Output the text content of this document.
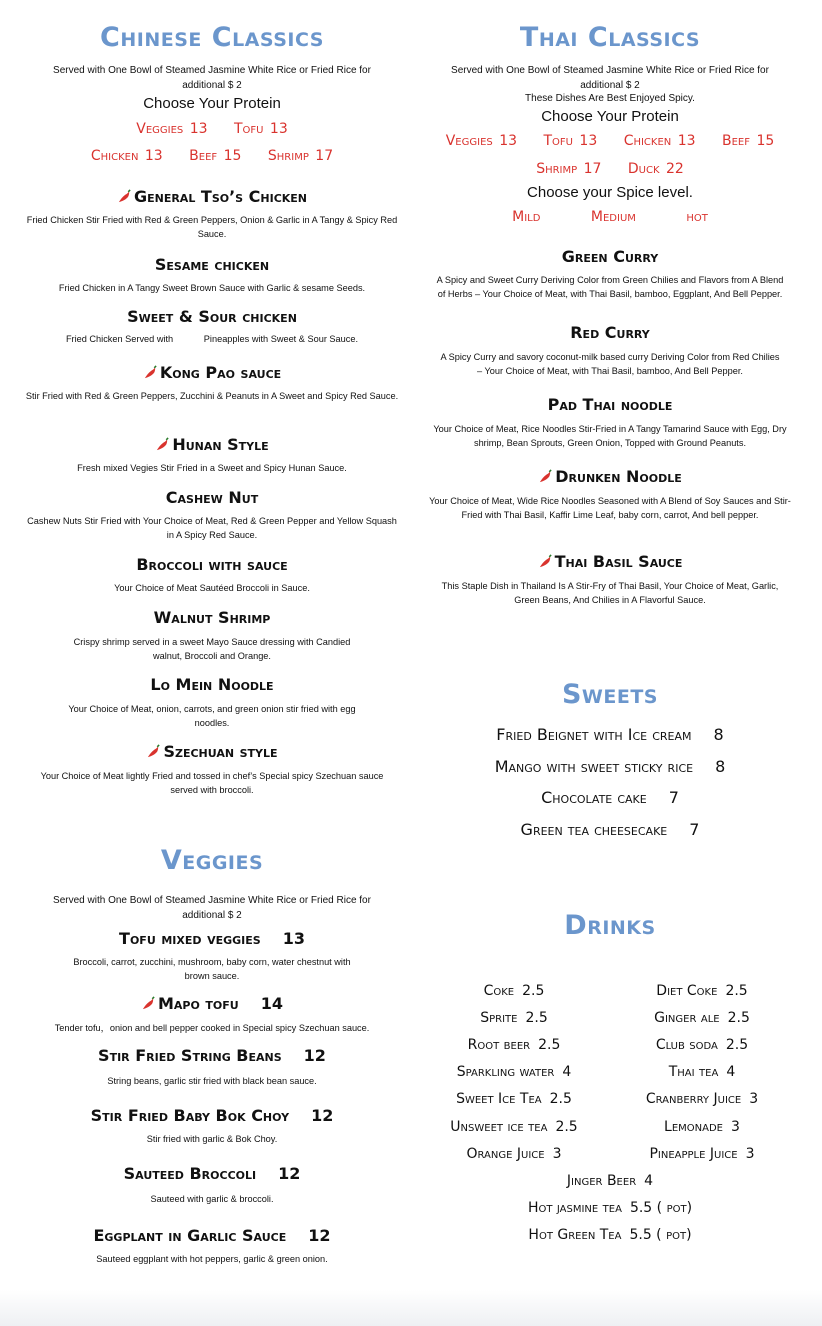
Chinese Classics
Served with One Bowl of Steamed Jasmine White Rice or Fried Rice for additional $ 2
Choose Your Protein
Veggies 13 Tofu 13
Chicken 13 Beef 15 Shrimp 17
General Tso’s Chicken
Fried Chicken Stir Fried with Red & Green Peppers, Onion & Garlic in A Tangy & Spicy Red Sauce.
Sesame chicken
Fried Chicken in A Tangy Sweet Brown Sauce with Garlic & sesame Seeds.
Sweet & Sour chicken
Fried Chicken Served with            Pineapples with Sweet & Sour Sauce.
Kong Pao sauce
Stir Fried with Red & Green Peppers, Zucchini & Peanuts in A Sweet and Spicy Red Sauce.
Hunan Style
Fresh mixed Vegies Stir Fried in a Sweet and Spicy Hunan Sauce.
Cashew Nut
Cashew Nuts Stir Fried with Your Choice of Meat, Red & Green Pepper and Yellow Squash in A Spicy Red Sauce.
Broccoli with sauce
Your Choice of Meat Sautéed Broccoli in Sauce.
Walnut Shrimp
Crispy shrimp served in a sweet Mayo Sauce dressing with Candied walnut, Broccoli and Orange.
Lo Mein Noodle
Your Choice of Meat, onion, carrots, and green onion stir fried with egg noodles.
Szechuan style
Your Choice of Meat lightly Fried and tossed in chef’s Special spicy Szechuan sauce served with broccoli.
Veggies
Served with One Bowl of Steamed Jasmine White Rice or Fried Rice for additional $ 2
Tofu mixed veggies 13
Broccoli, carrot, zucchini, mushroom, baby corn, water chestnut with brown sauce.
Mapo tofu 14
Tender tofu，onion and bell pepper cooked in Special spicy Szechuan sauce.
Stir Fried String Beans 12
String beans, garlic stir fried with black bean sauce.
Stir Fried Baby Bok Choy 12
Stir fried with garlic & Bok Choy.
Sauteed Broccoli 12
Sauteed with garlic & broccoli.
Eggplant in Garlic Sauce 12
Sauteed eggplant with hot peppers, garlic & green onion.
Thai Classics
Served with One Bowl of Steamed Jasmine White Rice or Fried Rice for additional $ 2
These Dishes Are Best Enjoyed Spicy.
Choose Your Protein
Veggies 13 Tofu 13 Chicken 13 Beef 15
Shrimp 17 Duck 22
Choose your Spice level.
Mild	Medium	hot
Green Curry
A Spicy and Sweet Curry Deriving Color from Green Chilies and Flavors from A Blend of Herbs – Your Choice of Meat, with Thai Basil, bamboo, Eggplant, And Bell Pepper.
Red Curry
A Spicy Curry and savory coconut-milk based curry Deriving Color from Red Chilies – Your Choice of Meat, with Thai Basil, bamboo, And Bell Pepper.
Pad Thai noodle
Your Choice of Meat, Rice Noodles Stir-Fried in A Tangy Tamarind Sauce with Egg, Dry shrimp, Bean Sprouts, Green Onion, Topped with Ground Peanuts.
Drunken Noodle
Your Choice of Meat, Wide Rice Noodles Seasoned with A Blend of Soy Sauces and Stir-Fried with Thai Basil, Kaffir Lime Leaf, baby corn, carrot, And bell pepper.
Thai Basil Sauce
This Staple Dish in Thailand Is A Stir-Fry of Thai Basil, Your Choice of Meat, Garlic, Green Beans, And Chilies in A Flavorful Sauce.
Sweets
Fried Beignet with Ice cream 8
Mango with sweet sticky rice 8
Chocolate cake 7
Green tea cheesecake 7
Drinks
Coke 2.5
Sprite 2.5
Root beer 2.5
Sparkling water 4
Sweet Ice Tea 2.5
Unsweet ice tea 2.5
Orange Juice 3
Diet Coke 2.5
Ginger ale 2.5
Club soda 2.5
Thai tea 4
Cranberry Juice 3
Lemonade 3
Pineapple Juice 3
Jinger Beer 4
Hot jasmine tea 5.5 ( pot)
Hot Green Tea 5.5 ( pot)
